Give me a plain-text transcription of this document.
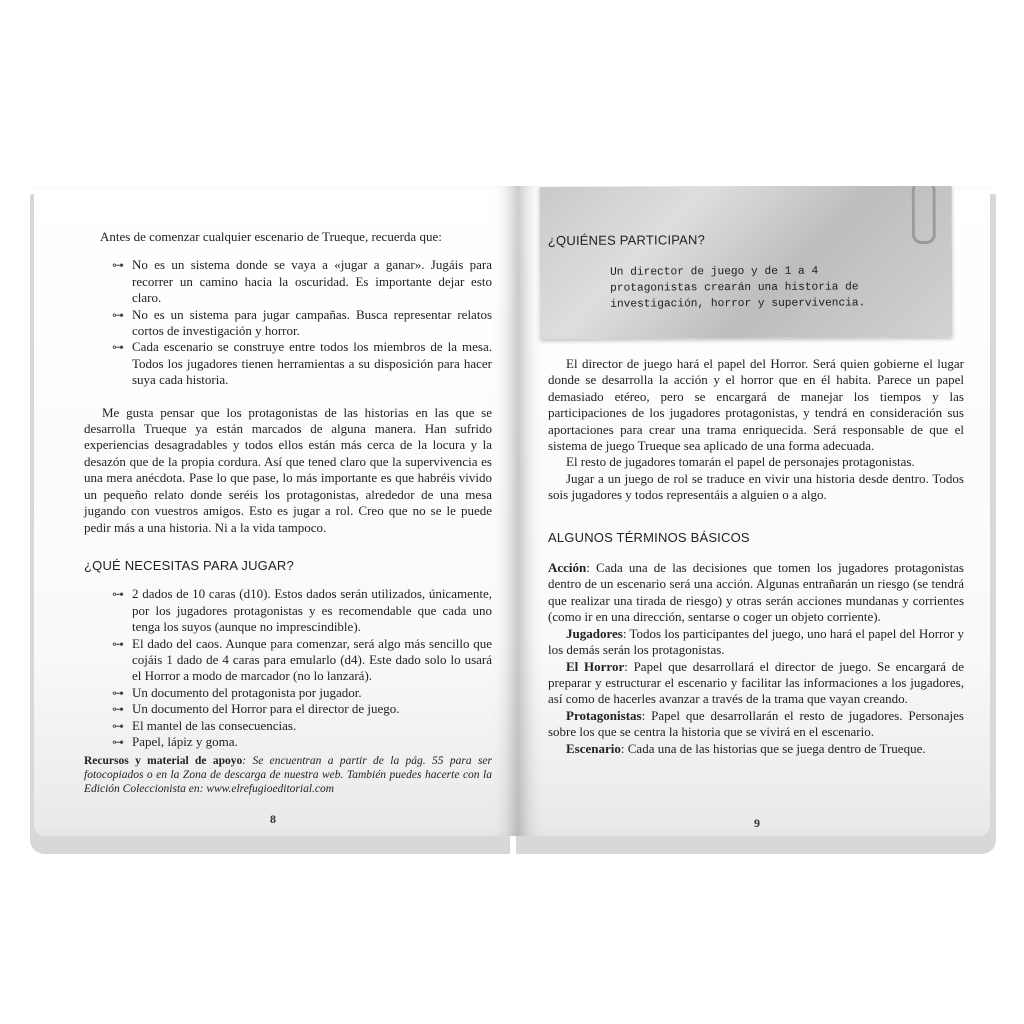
Antes de comenzar cualquier escenario de Trueque, recuerda que:

⊶ No es un sistema donde se vaya a «jugar a ganar». Jugáis para recorrer un camino hacia la oscuridad. Es importante dejar esto claro.
⊶ No es un sistema para jugar campañas. Busca representar relatos cortos de investigación y horror.
⊶ Cada escenario se construye entre todos los miembros de la mesa. Todos los jugadores tienen herramientas a su disposición para hacer suya cada historia.

Me gusta pensar que los protagonistas de las historias en las que se desarrolla Trueque ya están marcados de alguna manera. Han sufrido experiencias desagradables y todos ellos están más cerca de la locura y la desazón que de la propia cordura. Así que tened claro que la supervivencia es una mera anécdota. Pase lo que pase, lo más importante es que habréis vivido un pequeño relato donde seréis los protagonistas, alrededor de una mesa jugando con vuestros amigos. Esto es jugar a rol. Creo que no se le puede pedir más a una historia. Ni a la vida tampoco.

¿QUÉ NECESITAS PARA JUGAR?
⊶ 2 dados de 10 caras (d10). Estos dados serán utilizados, únicamente, por los jugadores protagonistas y es recomendable que cada uno tenga los suyos (aunque no imprescindible).
⊶ El dado del caos. Aunque para comenzar, será algo más sencillo que cojáis 1 dado de 4 caras para emularlo (d4). Este dado solo lo usará el Horror a modo de marcador (no lo lanzará).
⊶ Un documento del protagonista por jugador.
⊶ Un documento del Horror para el director de juego.
⊶ El mantel de las consecuencias.
⊶ Papel, lápiz y goma.

Recursos y material de apoyo: Se encuentran a partir de la pág. 55 para ser fotocopiados o en la Zona de descarga de nuestra web. También puedes hacerte con la Edición Coleccionista en: www.elrefugioeditorial.com

8
¿QUIÉNES PARTICIPAN?
Un director de juego y de 1 a 4 protagonistas crearán una historia de investigación, horror y supervivencia.

El director de juego hará el papel del Horror. Será quien gobierne el lugar donde se desarrolla la acción y el horror que en él habita. Parece un papel demasiado etéreo, pero se encargará de manejar los tiempos y las participaciones de los jugadores protagonistas, y tendrá en consideración sus aportaciones para crear una trama enriquecida. Será responsable de que el sistema de juego Trueque sea aplicado de una forma adecuada.

El resto de jugadores tomarán el papel de personajes protagonistas.

Jugar a un juego de rol se traduce en vivir una historia desde dentro. Todos sois jugadores y todos representáis a alguien o a algo.

ALGUNOS TÉRMINOS BÁSICOS

Acción: Cada una de las decisiones que tomen los jugadores protagonistas dentro de un escenario será una acción. Algunas entrañarán un riesgo (se tendrá que realizar una tirada de riesgo) y otras serán acciones mundanas y corrientes (como ir en una dirección, sentarse o coger un objeto corriente).

Jugadores: Todos los participantes del juego, uno hará el papel del Horror y los demás serán los protagonistas.

El Horror: Papel que desarrollará el director de juego. Se encargará de preparar y estructurar el escenario y facilitar las informaciones a los jugadores, así como de hacerles avanzar a través de la trama que vayan creando.

Protagonistas: Papel que desarrollarán el resto de jugadores. Personajes sobre los que se centra la historia que se vivirá en el escenario.

Escenario: Cada una de las historias que se juega dentro de Trueque.

9
